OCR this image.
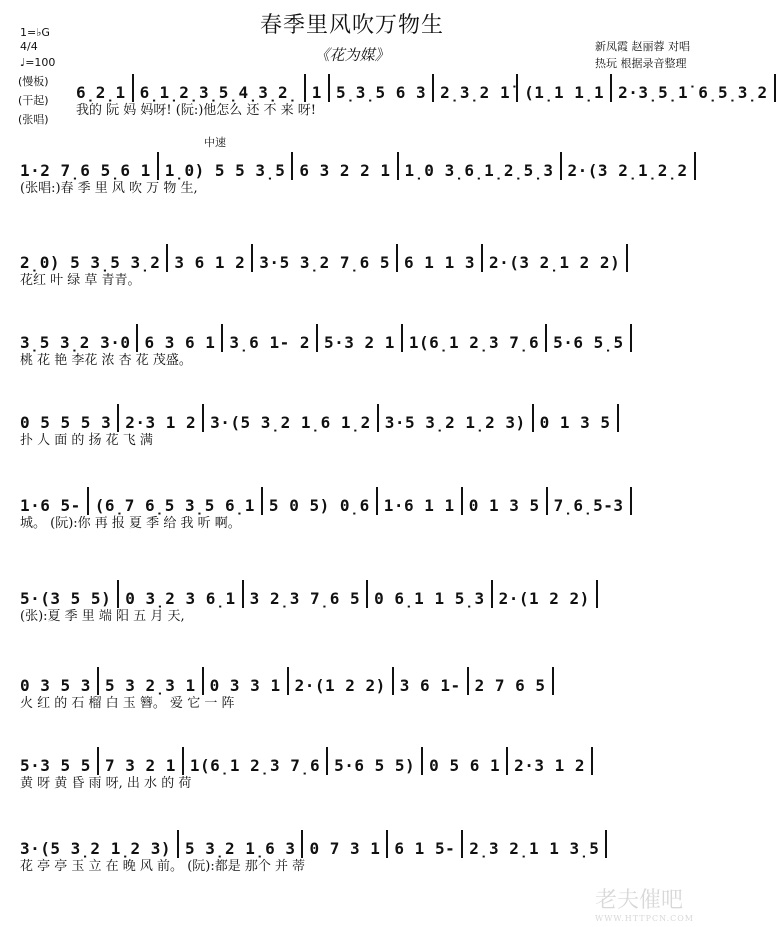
1=♭G
4/4
♩=100
春季里风吹万物生
《花为媒》	新凤霞 赵丽蓉 对唱
热玩 根据录音整理
(慢板)
(干起)
(张唱)
6̣2̣1 6̣1̣2̣3̣5̣4̣3̣2̣ 1 5̣3̣5 6 3 2̣3̣2 1̇ (1̣1 1̣1 2·3̣5̣1̇ 6̣5̣3̣2
我的 阮 妈 妈呀! (阮:)他怎么 还 不 来 呀!
中速
1·2 7̣6 5̣6 1 1̣0) 5 5 3̣5 6 3 2 2 1 1̣0 3̣6̣1̣2̣5̣3 2·(3 2̣1̣2̣2
(张唱:)春 季 里 风 吹 万 物 生,
2̣0) 5 3̣5 3̣2 3 6 1 2 3·5 3̣2 7̣6 5 6 1 1 3 2·(3 2̣1 2 2)
花红 叶 绿 草 青青。
3̣5 3̣2 3·0 6 3 6 1 3̣6 1- 2 5·3 2 1 1(6̣1 2̣3 7̣6 5·6 5̣5
桃 花 艳 李花 浓 杏 花 茂盛。
0 5 5 5 3 2·3 1 2 3·(5 3̣2 1̣6 1̣2 3·5 3̣2 1̣2 3) 0 1 3 5
扑 人 面 的 扬 花 飞 满
1·6 5- (6̣7 6̣5 3̣5 6̣1 5 0 5) 0̣6 1·6 1 1 0 1 3 5 7̣6̣5-3
城。 (阮):你 再 报 夏 季 给 我 听 啊。
5·(3 5 5) 0 3̣2 3 6̣1 3 2̣3 7̣6 5 0 6̣1 1 5̣3 2·(1 2 2)
(张):夏 季 里 端 阳 五 月 天,
0 3 5 3 5 3 2̣3 1 0 3 3 1 2·(1 2 2) 3 6 1- 2 7 6 5
火 红 的 石 榴 白 玉 簪。 爱 它 一 阵
5·3 5 5 7 3 2 1 1(6̣1 2̣3 7̣6 5·6 5 5) 0 5 6 1 2·3 1 2
黄 呀 黄 昏 雨 呀, 出 水 的 荷
3·(5 3̣2 1̣2 3) 5 3̣2 1̣6 3 0 7 3 1 6 1 5- 2̣3 2̣1 1 3̣5
花 亭 亭 玉 立 在 晚 风 前。 (阮):都是 那个 并 蒂
老夫催吧
WWW.HTTPCN.COM
